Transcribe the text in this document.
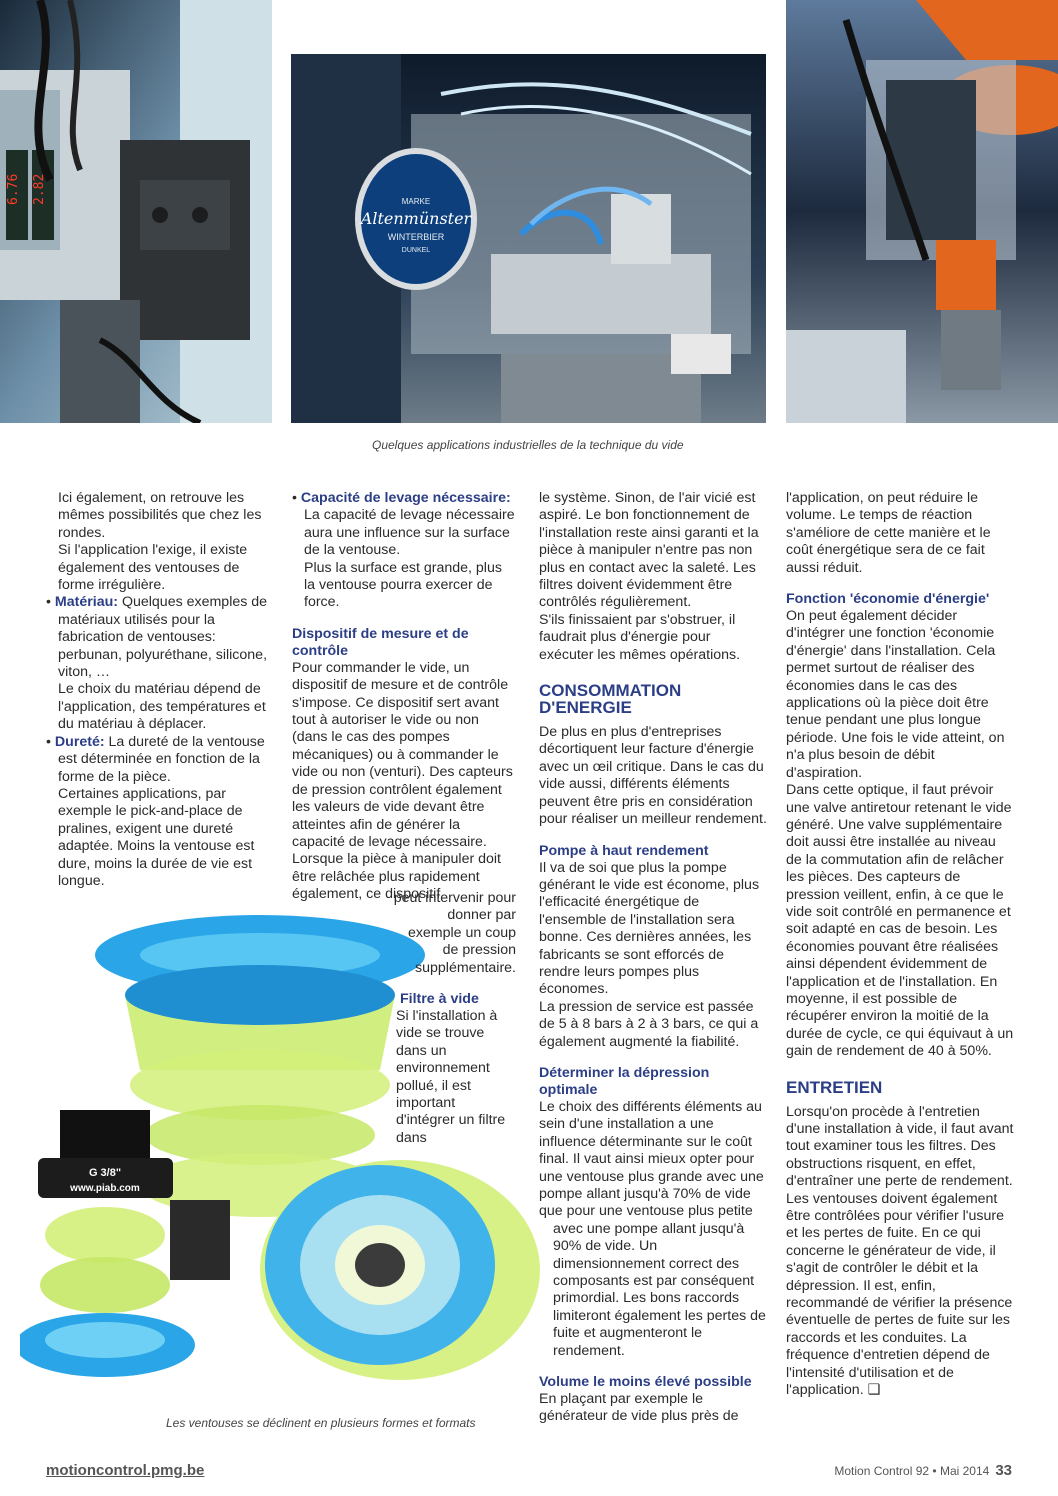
6.76 2.82	MARKE
Altenmünster
WINTERBIER
DUNKEL
Quelques applications industrielles de la technique du vide
G 3/8"
www.piab.com
Les ventouses se déclinent en plusieurs formes et formats

Ici également, on retrouve les mêmes possibilités que chez les rondes.

Si l'application l'exige, il existe également des ventouses de forme irrégulière.

• Matériau: Quelques exemples de matériaux utilisés pour la fabrication de ventouses: perbunan, polyuréthane, silicone, viton, …

Le choix du matériau dépend de l'application, des températures et du matériau à déplacer.

• Dureté: La dureté de la ventouse est déterminée en fonction de la forme de la pièce.

Certaines applications, par exemple le pick-and-place de pralines, exigent une dureté adaptée. Moins la ventouse est dure, moins la durée de vie est longue.

• Capacité de levage nécessaire: La capacité de levage nécessaire aura une influence sur la surface de la ventouse.

Plus la surface est grande, plus la ventouse pourra exercer de force.

Dispositif de mesure et de contrôle

Pour commander le vide, un dispositif de mesure et de contrôle s'impose. Ce dispositif sert avant tout à autoriser le vide ou non (dans le cas des pompes mécaniques) ou à commander le vide ou non (venturi). Des capteurs de pression contrôlent également les valeurs de vide devant être atteintes afin de générer la capacité de levage nécessaire. Lorsque la pièce à manipuler doit être relâchée plus rapidement également, ce dispositif

peut intervenir pour donner par exemple un coup de pression supplémentaire.

Filtre à vide

Si l'installation à vide se trouve dans un environnement pollué, il est important d'intégrer un filtre dans

le système. Sinon, de l'air vicié est aspiré. Le bon fonctionnement de l'installation reste ainsi garanti et la pièce à manipuler n'entre pas non plus en contact avec la saleté. Les filtres doivent évidemment être contrôlés régulièrement.

S'ils finissaient par s'obstruer, il faudrait plus d'énergie pour exécuter les mêmes opérations.

CONSOMMATION D'ENERGIE

De plus en plus d'entreprises décortiquent leur facture d'énergie avec un œil critique. Dans le cas du vide aussi, différents éléments peuvent être pris en considération pour réaliser un meilleur rendement.

Pompe à haut rendement

Il va de soi que plus la pompe générant le vide est économe, plus l'efficacité énergétique de l'ensemble de l'installation sera bonne. Ces dernières années, les fabricants se sont efforcés de rendre leurs pompes plus économes.

La pression de service est passée de 5 à 8 bars à 2 à 3 bars, ce qui a également augmenté la fiabilité.

Déterminer la dépression optimale

Le choix des différents éléments au sein d'une installation a une influence déterminante sur le coût final. Il vaut ainsi mieux opter pour une ventouse plus grande avec une pompe allant jusqu'à 70% de vide que pour une ventouse plus petite

avec une pompe allant jusqu'à 90% de vide. Un dimensionnement correct des composants est par conséquent primordial. Les bons raccords limiteront également les pertes de fuite et augmenteront le rendement.

Volume le moins élevé possible

En plaçant par exemple le générateur de vide plus près de

l'application, on peut réduire le volume. Le temps de réaction s'améliore de cette manière et le coût énergétique sera de ce fait aussi réduit.

Fonction 'économie d'énergie'

On peut également décider d'intégrer une fonction 'économie d'énergie' dans l'installation. Cela permet surtout de réaliser des économies dans le cas des applications où la pièce doit être tenue pendant une plus longue période. Une fois le vide atteint, on n'a plus besoin de débit d'aspiration.

Dans cette optique, il faut prévoir une valve antiretour retenant le vide généré. Une valve supplémentaire doit aussi être installée au niveau de la commutation afin de relâcher les pièces. Des capteurs de pression veillent, enfin, à ce que le vide soit contrôlé en permanence et soit adapté en cas de besoin. Les économies pouvant être réalisées ainsi dépendent évidemment de l'application et de l'installation. En moyenne, il est possible de récupérer environ la moitié de la durée de cycle, ce qui équivaut à un gain de rendement de 40 à 50%.

ENTRETIEN

Lorsqu'on procède à l'entretien d'une installation à vide, il faut avant tout examiner tous les filtres. Des obstructions risquent, en effet, d'entraîner une perte de rendement. Les ventouses doivent également être contrôlées pour vérifier l'usure et les pertes de fuite. En ce qui concerne le générateur de vide, il s'agit de contrôler le débit et la dépression. Il est, enfin, recommandé de vérifier la présence éventuelle de pertes de fuite sur les raccords et les conduites. La fréquence d'entretien dépend de l'intensité d'utilisation et de l'application. ❑

motioncontrol.pmg.be	Motion Control 92 • Mai 2014 33
